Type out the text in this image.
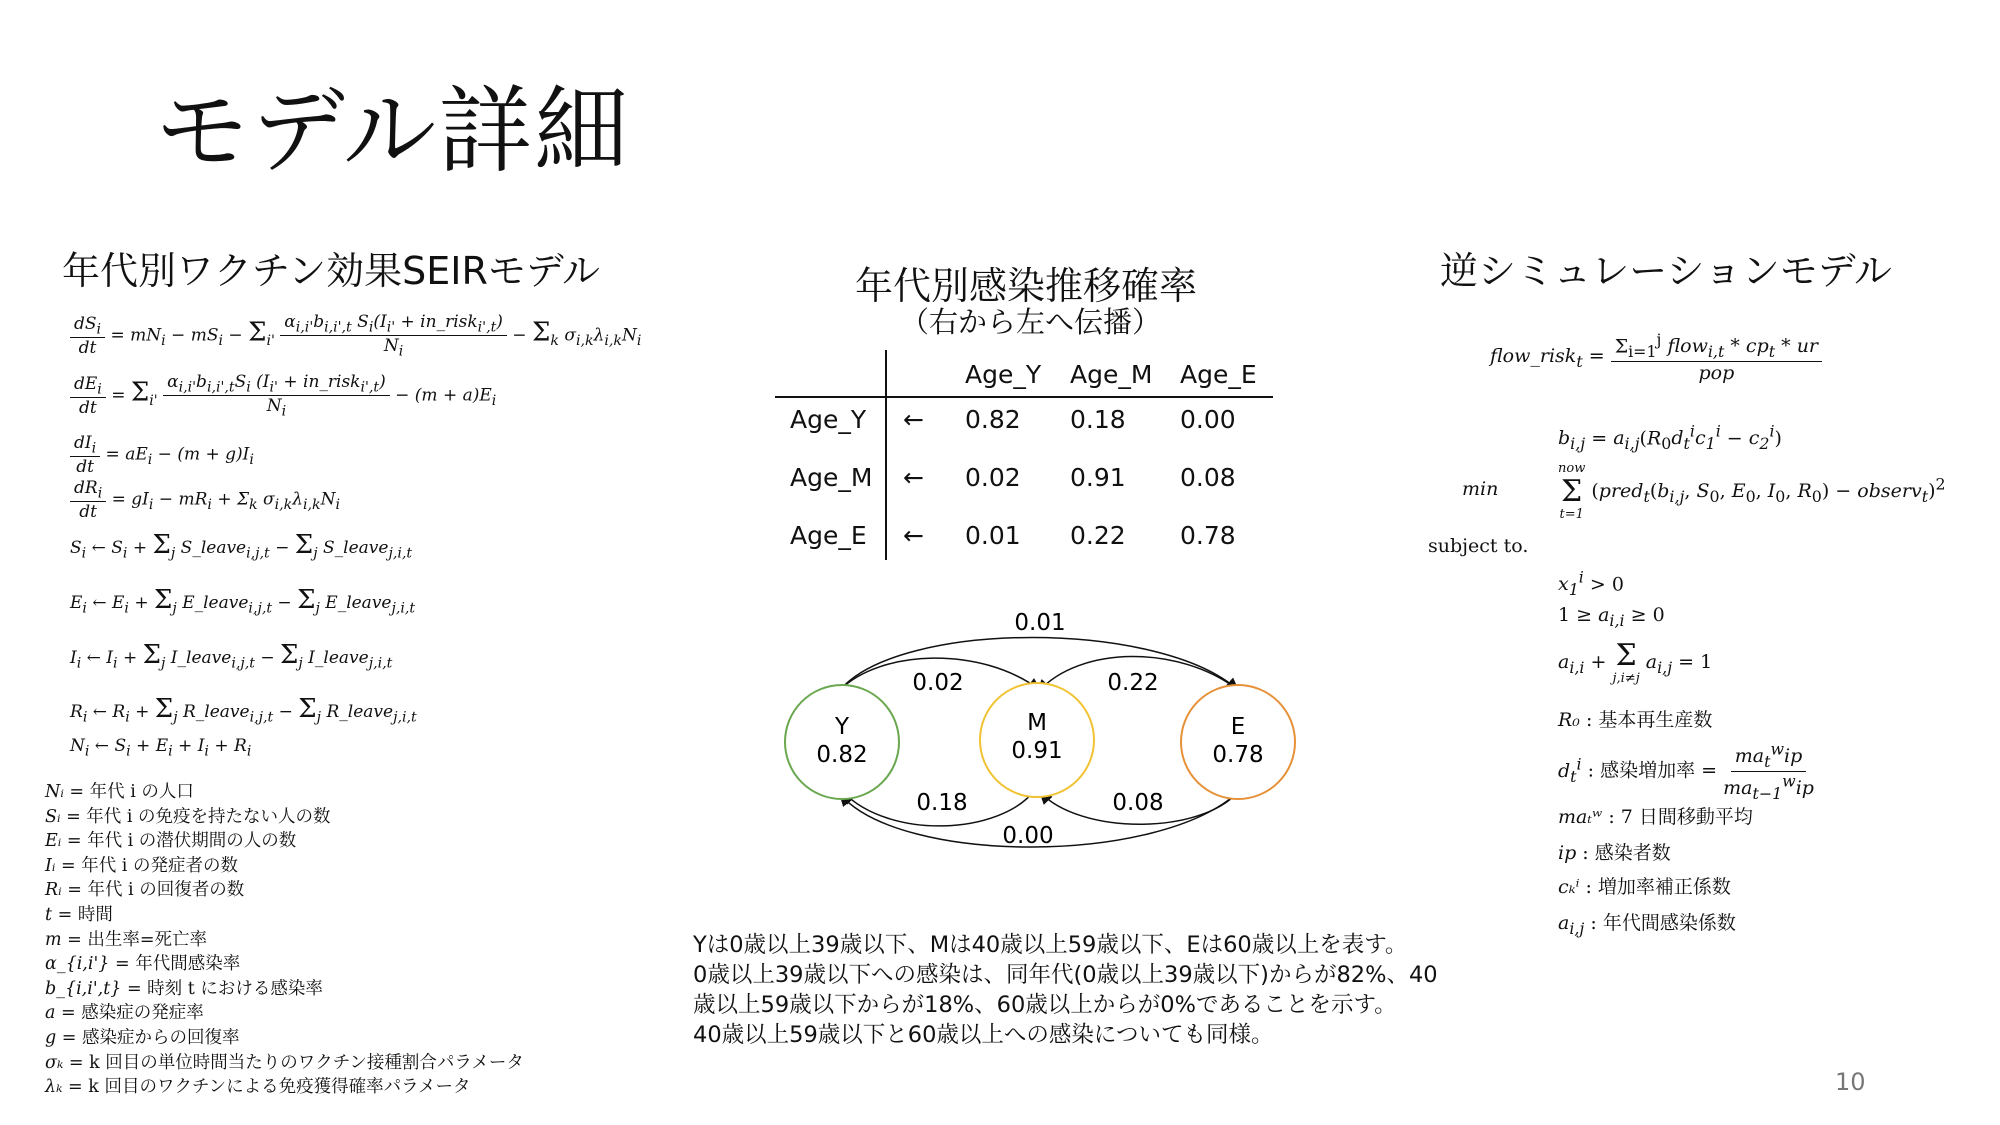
モデル詳細
年代別ワクチン効果SEIRモデル
$\frac{dS_i}{dt} = mN_i - mS_i - \Sigma_{i'} \frac{\alpha_{i,i'}b_{i,i',t} S_i(I_{i'} + in\_risk_{i',t})}{N_i} - \Sigma_k$ $\sigma_{i,k}\lambda_{i,k}N_i$
$\frac{dE_i}{dt} = \Sigma_{i'} \frac{\alpha_{i,i'}b_{i,i',t}S_i (I_{i'} + in\_risk_{i',t})}{N_i} - (m + a)E_i$
$\frac{dI_i}{dt} = aE_i - (m + g)I_i$
$\frac{dR_i}{dt} = gI_i - mR_i + \Sigma_k$ $\sigma_{i,k}\lambda_{i,k}N_i$
$S_i$ ← $S_i + \Sigma_j$ S_leave$_{i,j,t}$ − $\Sigma_j$ S_leave$_{j,i,t}$
$E_i$ ← $E_i + \Sigma_j$ E_leave$_{i,j,t}$ − $\Sigma_j$ E_leave$_{j,i,t}$
$I_i$ ← $I_i + \Sigma_j$ I_leave$_{i,j,t}$ − $\Sigma_j$ I_leave$_{j,i,t}$
$R_i$ ← $R_i + \Sigma_j$ R_leave$_{i,j,t}$ − $\Sigma_j$ R_leave$_{j,i,t}$
$N_i$ ← $S_i + E_i + I_i + R_i$
Nᵢ = 年代 i の人口
Sᵢ = 年代 i の免疫を持たない人の数
Eᵢ = 年代 i の潜伏期間の人の数
Iᵢ = 年代 i の発症者の数
Rᵢ = 年代 i の回復者の数
t = 時間
m = 出生率=死亡率
α_{i,i'} = 年代間感染率
b_{i,i',t} = 時刻 t における感染率
a = 感染症の発症率
g = 感染症からの回復率
σₖ = k 回目の単位時間当たりのワクチン接種割合パラメータ
λₖ = k 回目のワクチンによる免疫獲得確率パラメータ
年代別感染推移確率
（右から左へ伝播）
Age_Y Age_M Age_E
Age_Y ← 0.82 0.18 0.00
Age_M ← 0.02 0.91 0.08
Age_E ← 0.01 0.22 0.78
Y
0.82
M
0.91
E
0.78
0.01
0.02	0.22
0.18	0.08
0.00
Yは0歳以上39歳以下、Mは40歳以上59歳以下、Eは60歳以上を表す。
0歳以上39歳以下への感染は、同年代(0歳以上39歳以下)からが82%、40
歳以上59歳以下からが18%、60歳以上からが0%であることを示す。
40歳以上59歳以下と60歳以上への感染についても同様。
逆シミュレーションモデル
flow_risk$_t$ = $\frac{\Sigma_{i=1}^j flow_{i,t} * cp_t * ur}{\text{pop}}$
$b_{i,j} = a_{i,j}(R_0d_t^ic_1^i - c_2^i)$
min
now
Σ
t=1
($pred_t(b_{i,j}$, $S_0$, $E_0$, $I_0$, $R_0$) − observ$_t$)$^2$
subject to.
$x_1^i > 0$
$1 \ge a_{i,i} \ge 0$
$a_{i,i} + \Sigma$
j,i≠j
$a_{i,j} = 1$
R₀ : 基本再生産数
$d_t^i$ : 感染増加率 = $\frac{ma_t^wip}{ma_{t-1}^wip}$
maₜʷ : 7 日間移動平均
ip : 感染者数
cₖⁱ : 増加率補正係数
$a_{i,j}$ : 年代間感染係数
10
